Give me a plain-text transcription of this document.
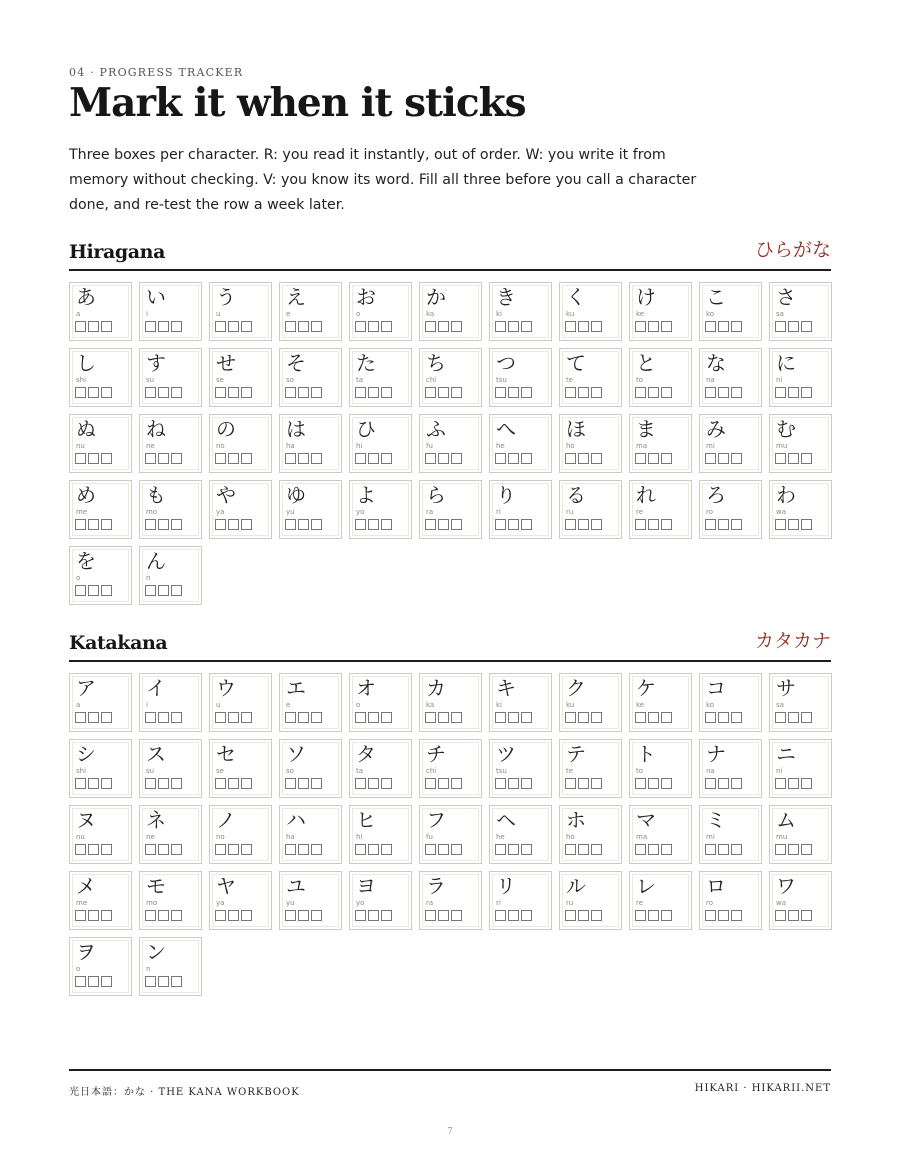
04 · PROGRESS TRACKER
Mark it when it sticks

Three boxes per character. R: you read it instantly, out of order. W: you write it from memory without checking. V: you know its word. Fill all three before you call a character done, and re-test the row a week later.

Hiragana	ひらがな
あ
a
い
i
う
u
え
e
お
o
か
ka
き
ki
く
ku
け
ke
こ
ko
さ
sa
し
shi
す
su
せ
se
そ
so
た
ta
ち
chi
つ
tsu
て
te
と
to
な
na
に
ni
ぬ
nu
ね
ne
の
no
は
ha
ひ
hi
ふ
fu
へ
he
ほ
ho
ま
ma
み
mi
む
mu
め
me
も
mo
や
ya
ゆ
yu
よ
yo
ら
ra
り
ri
る
ru
れ
re
ろ
ro
わ
wa
を
o
ん
n
Katakana	カタカナ
ア
a
イ
i
ウ
u
エ
e
オ
o
カ
ka
キ
ki
ク
ku
ケ
ke
コ
ko
サ
sa
シ
shi
ス
su
セ
se
ソ
so
タ
ta
チ
chi
ツ
tsu
テ
te
ト
to
ナ
na
ニ
ni
ヌ
nu
ネ
ne
ノ
no
ハ
ha
ヒ
hi
フ
fu
ヘ
he
ホ
ho
マ
ma
ミ
mi
ム
mu
メ
me
モ
mo
ヤ
ya
ユ
yu
ヨ
yo
ラ
ra
リ
ri
ル
ru
レ
re
ロ
ro
ワ
wa
ヲ
o
ン
n
光日本語：かな · THE KANA WORKBOOK	HIKARI · HIKARII.NET
7
